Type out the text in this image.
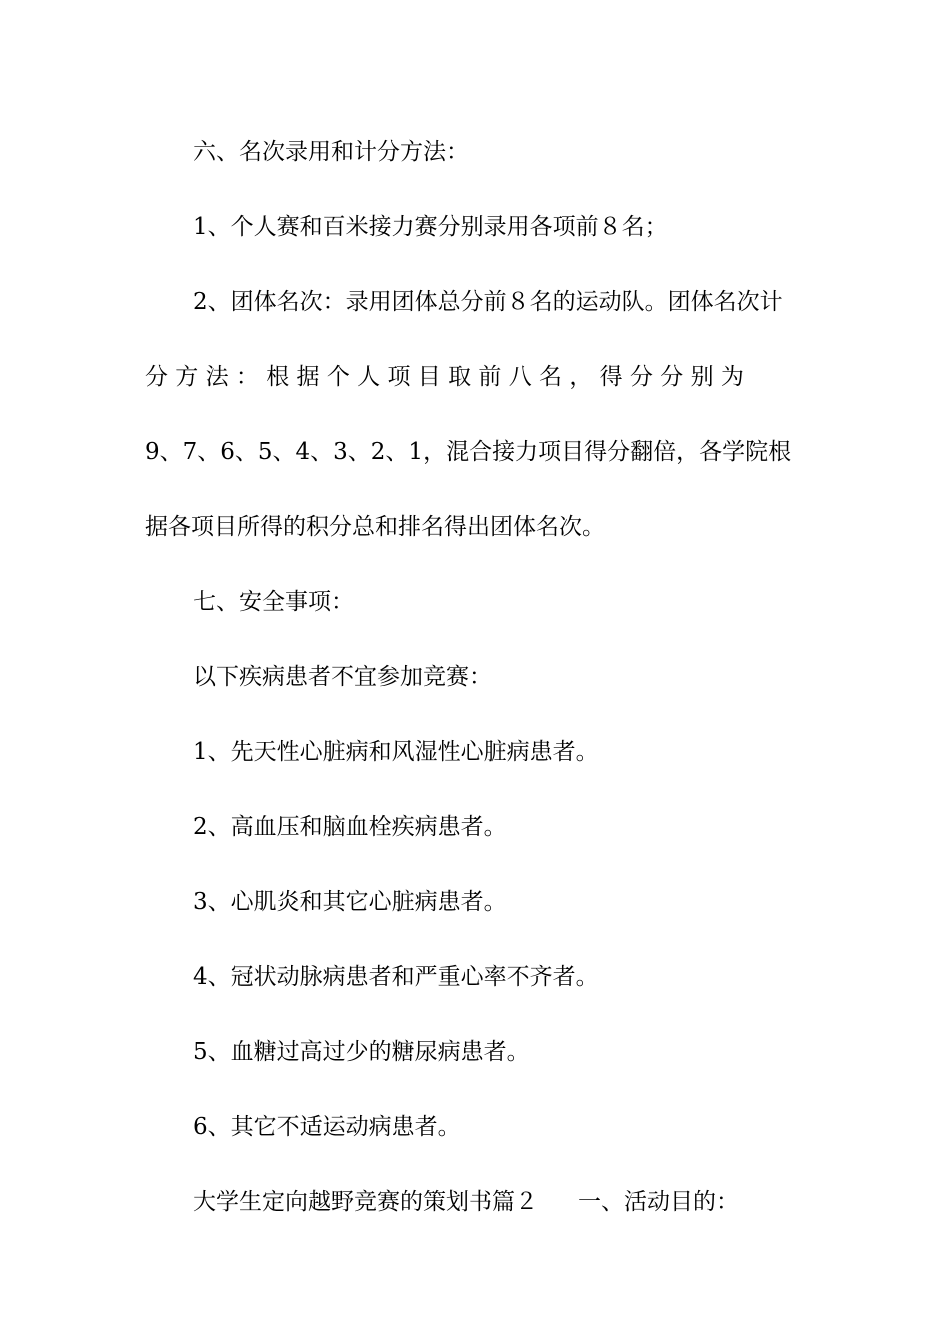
六、名次录用和计分方法：
1、个人赛和百米接力赛分别录用各项前８名；
2、团体名次：录用团体总分前８名的运动队。团体名次计
分 方 法 ： 根 据 个 人 项 目 取 前 八 名 ， 得 分 分 别 为
9、7、6、5、4、3、2、1，混合接力项目得分翻倍，各学院根
据各项目所得的积分总和排名得出团体名次。
七、安全事项：
以下疾病患者不宜参加竞赛：
1、先天性心脏病和风湿性心脏病患者。
2、高血压和脑血栓疾病患者。
3、心肌炎和其它心脏病患者。
4、冠状动脉病患者和严重心率不齐者。
5、血糖过高过少的糖尿病患者。
6、其它不适运动病患者。
大学生定向越野竞赛的策划书篇２ 一、活动目的：
